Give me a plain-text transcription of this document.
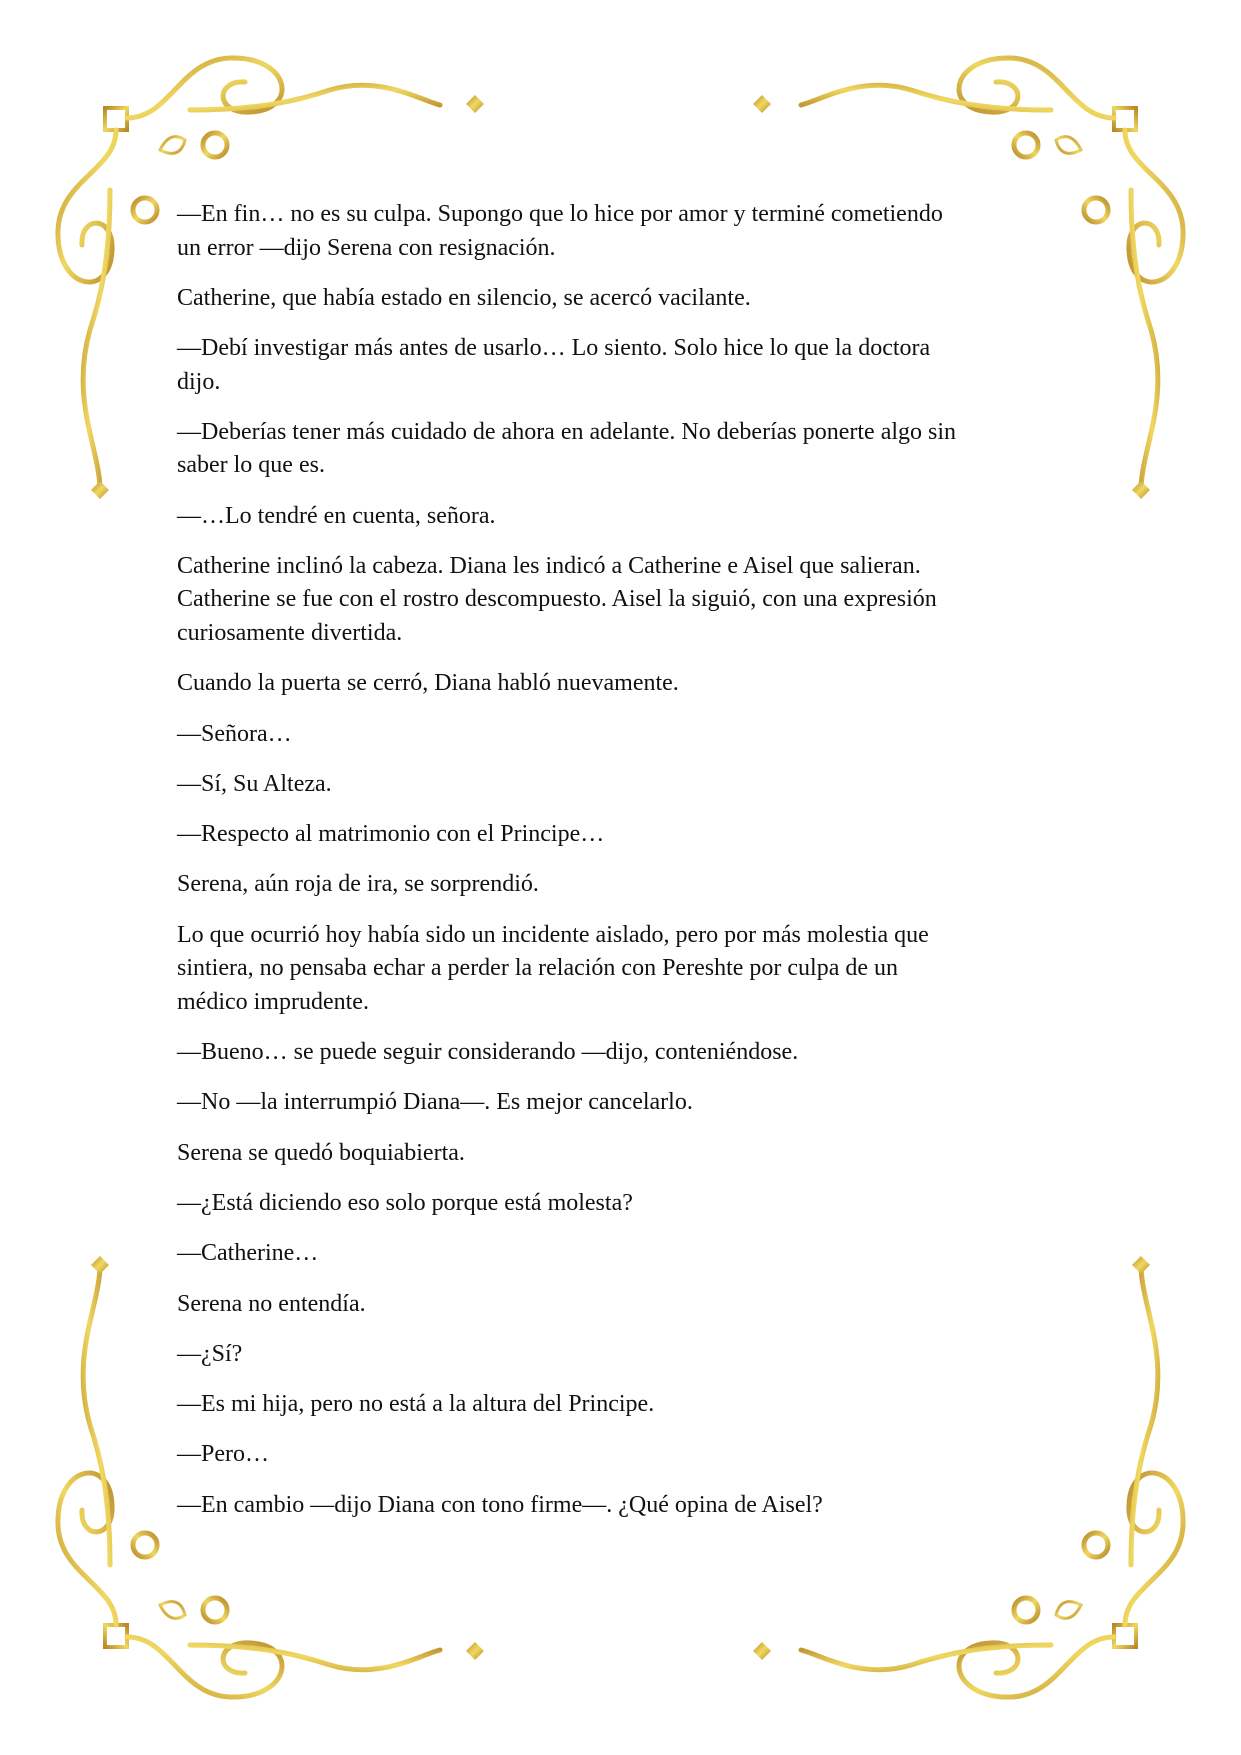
—En fin… no es su culpa. Supongo que lo hice por amor y terminé cometiendo
un error —dijo Serena con resignación.
Catherine, que había estado en silencio, se acercó vacilante.
—Debí investigar más antes de usarlo… Lo siento. Solo hice lo que la doctora
dijo.
—Deberías tener más cuidado de ahora en adelante. No deberías ponerte algo sin
saber lo que es.
—…Lo tendré en cuenta, señora.
Catherine inclinó la cabeza. Diana les indicó a Catherine e Aisel que salieran.
Catherine se fue con el rostro descompuesto. Aisel la siguió, con una expresión
curiosamente divertida.
Cuando la puerta se cerró, Diana habló nuevamente.
—Señora…
—Sí, Su Alteza.
—Respecto al matrimonio con el Principe…
Serena, aún roja de ira, se sorprendió.
Lo que ocurrió hoy había sido un incidente aislado, pero por más molestia que
sintiera, no pensaba echar a perder la relación con Pereshte por culpa de un
médico imprudente.
—Bueno… se puede seguir considerando —dijo, conteniéndose.
—No —la interrumpió Diana—. Es mejor cancelarlo.
Serena se quedó boquiabierta.
—¿Está diciendo eso solo porque está molesta?
—Catherine…
Serena no entendía.
—¿Sí?
—Es mi hija, pero no está a la altura del Principe.
—Pero…
—En cambio —dijo Diana con tono firme—. ¿Qué opina de Aisel?
